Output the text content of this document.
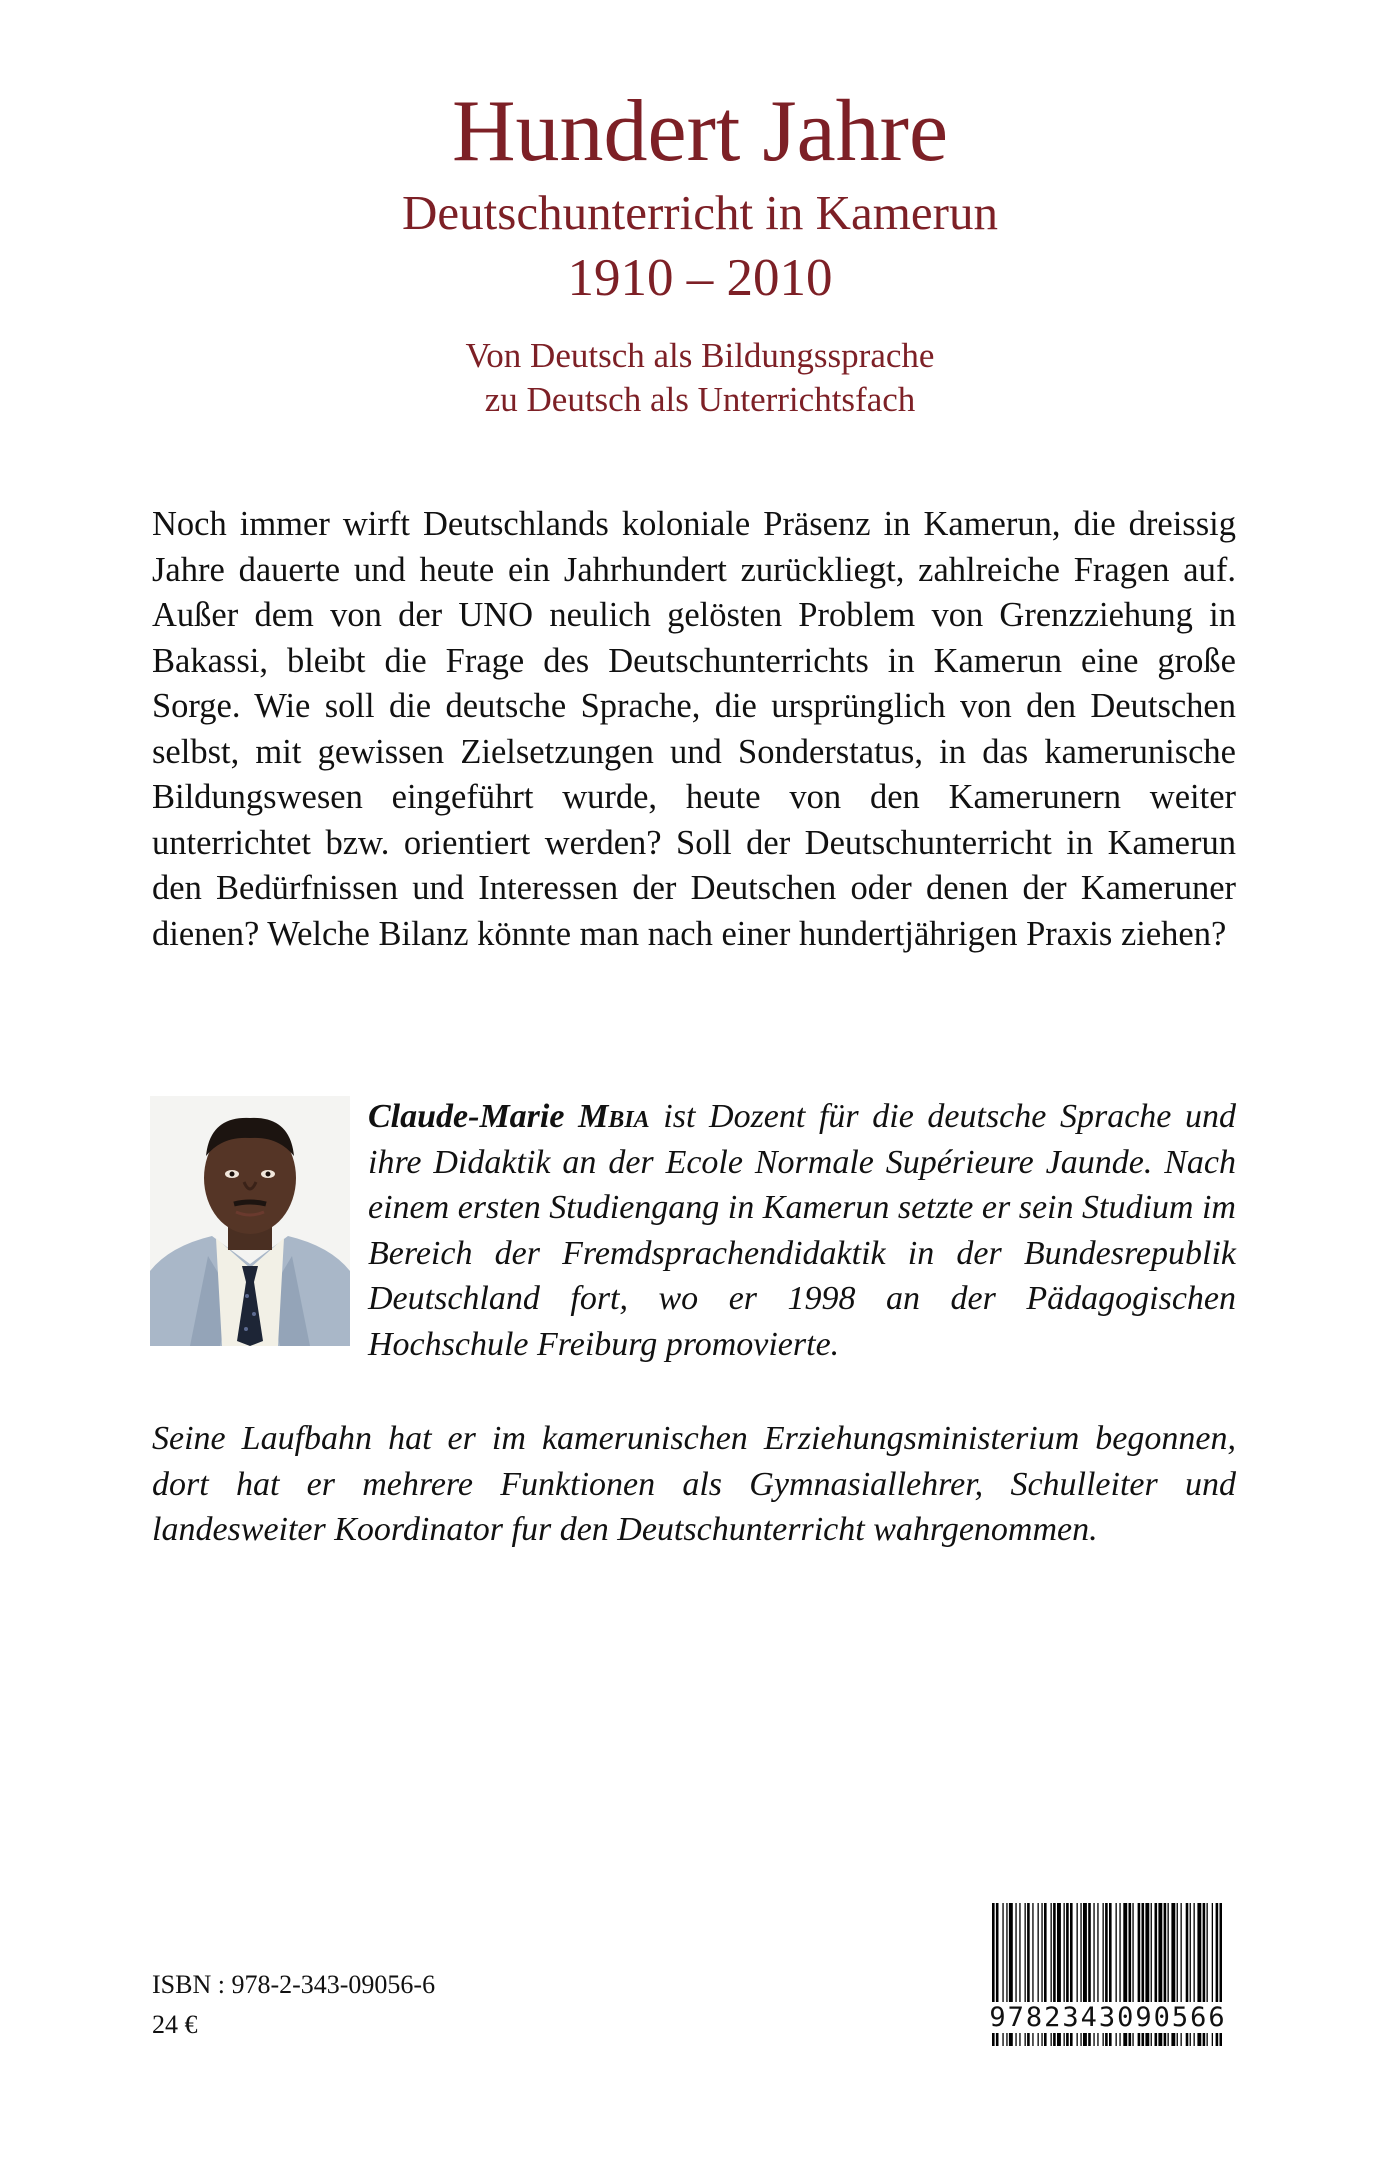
Hundert Jahre
Deutschunterricht in Kamerun
1910 – 2010
Von Deutsch als Bildungssprache
zu Deutsch als Unterrichtsfach

Noch immer wirft Deutschlands koloniale Präsenz in Kamerun, die dreissig Jahre dauerte und heute ein Jahrhundert zurückliegt, zahlreiche Fragen auf. Außer dem von der UNO neulich gelösten Problem von Grenzziehung in Bakassi, bleibt die Frage des Deutschunterrichts in Kamerun eine große Sorge. Wie soll die deutsche Sprache, die ursprünglich von den Deutschen selbst, mit gewissen Zielsetzungen und Sonderstatus, in das kamerunische Bildungswesen eingeführt wurde, heute von den Kamerunern weiter unterrichtet bzw. orientiert werden? Soll der Deutschunterricht in Kamerun den Bedürfnissen und Interessen der Deutschen oder denen der Kameruner dienen? Welche Bilanz könnte man nach einer hundertjährigen Praxis ziehen?

Claude-Marie Mbia ist Dozent für die deutsche Sprache und ihre Didaktik an der Ecole Normale Supérieure Jaunde. Nach einem ersten Studiengang in Kamerun setzte er sein Studium im Bereich der Fremdsprachendidaktik in der Bundesrepublik Deutschland fort, wo er 1998 an der Pädagogischen Hochschule Freiburg promovierte.

Seine Laufbahn hat er im kamerunischen Erziehungsministerium begonnen, dort hat er mehrere Funktionen als Gymnasiallehrer, Schulleiter und landesweiter Koordinator fur den Deutschunterricht wahrgenommen.

ISBN : 978-2-343-09056-6
24 €	9782343090566
